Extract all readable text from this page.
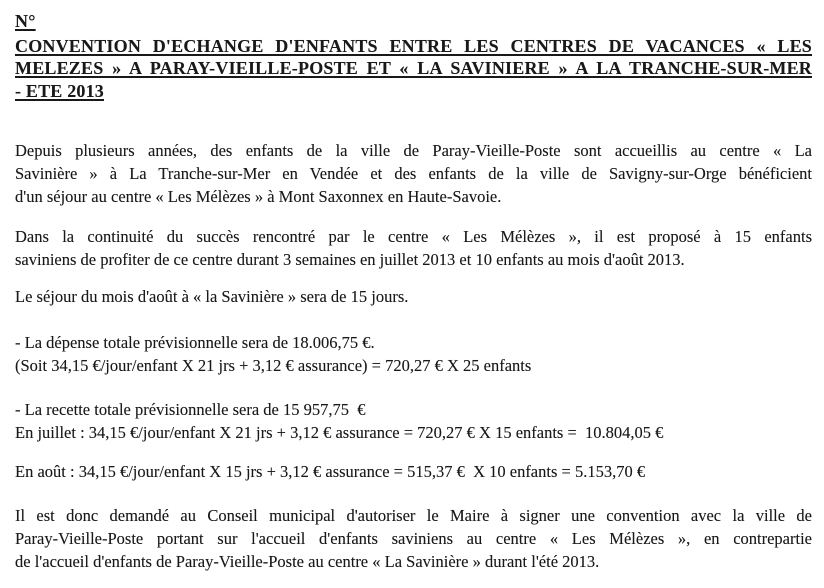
N°
CONVENTION D'ECHANGE D'ENFANTS ENTRE LES CENTRES DE VACANCES « LES
MELEZES » A PARAY-VIEILLE-POSTE ET « LA SAVINIERE » A LA TRANCHE-SUR-MER
- ETE 2013
Depuis plusieurs années, des enfants de la ville de Paray-Vieille-Poste sont accueillis au centre « La
Savinière » à La Tranche-sur-Mer en Vendée et des enfants de la ville de Savigny-sur-Orge bénéficient
d'un séjour au centre « Les Mélèzes » à Mont Saxonnex en Haute-Savoie.
Dans la continuité du succès rencontré par le centre « Les Mélèzes », il est proposé à 15 enfants
saviniens de profiter de ce centre durant 3 semaines en juillet 2013 et 10 enfants au mois d'août 2013.
Le séjour du mois d'août à « la Savinière » sera de 15 jours.
- La dépense totale prévisionnelle sera de 18.006,75 €.
(Soit 34,15 €/jour/enfant X 21 jrs + 3,12 € assurance) = 720,27 € X 25 enfants
- La recette totale prévisionnelle sera de 15 957,75  €
En juillet : 34,15 €/jour/enfant X 21 jrs + 3,12 € assurance = 720,27 € X 15 enfants =  10.804,05 €
En août : 34,15 €/jour/enfant X 15 jrs + 3,12 € assurance = 515,37 €  X 10 enfants = 5.153,70 €
Il est donc demandé au Conseil municipal d'autoriser le Maire à signer une convention avec la ville de
Paray-Vieille-Poste portant sur l'accueil d'enfants saviniens au centre « Les Mélèzes », en contrepartie
de l'accueil d'enfants de Paray-Vieille-Poste au centre « La Savinière » durant l'été 2013.
